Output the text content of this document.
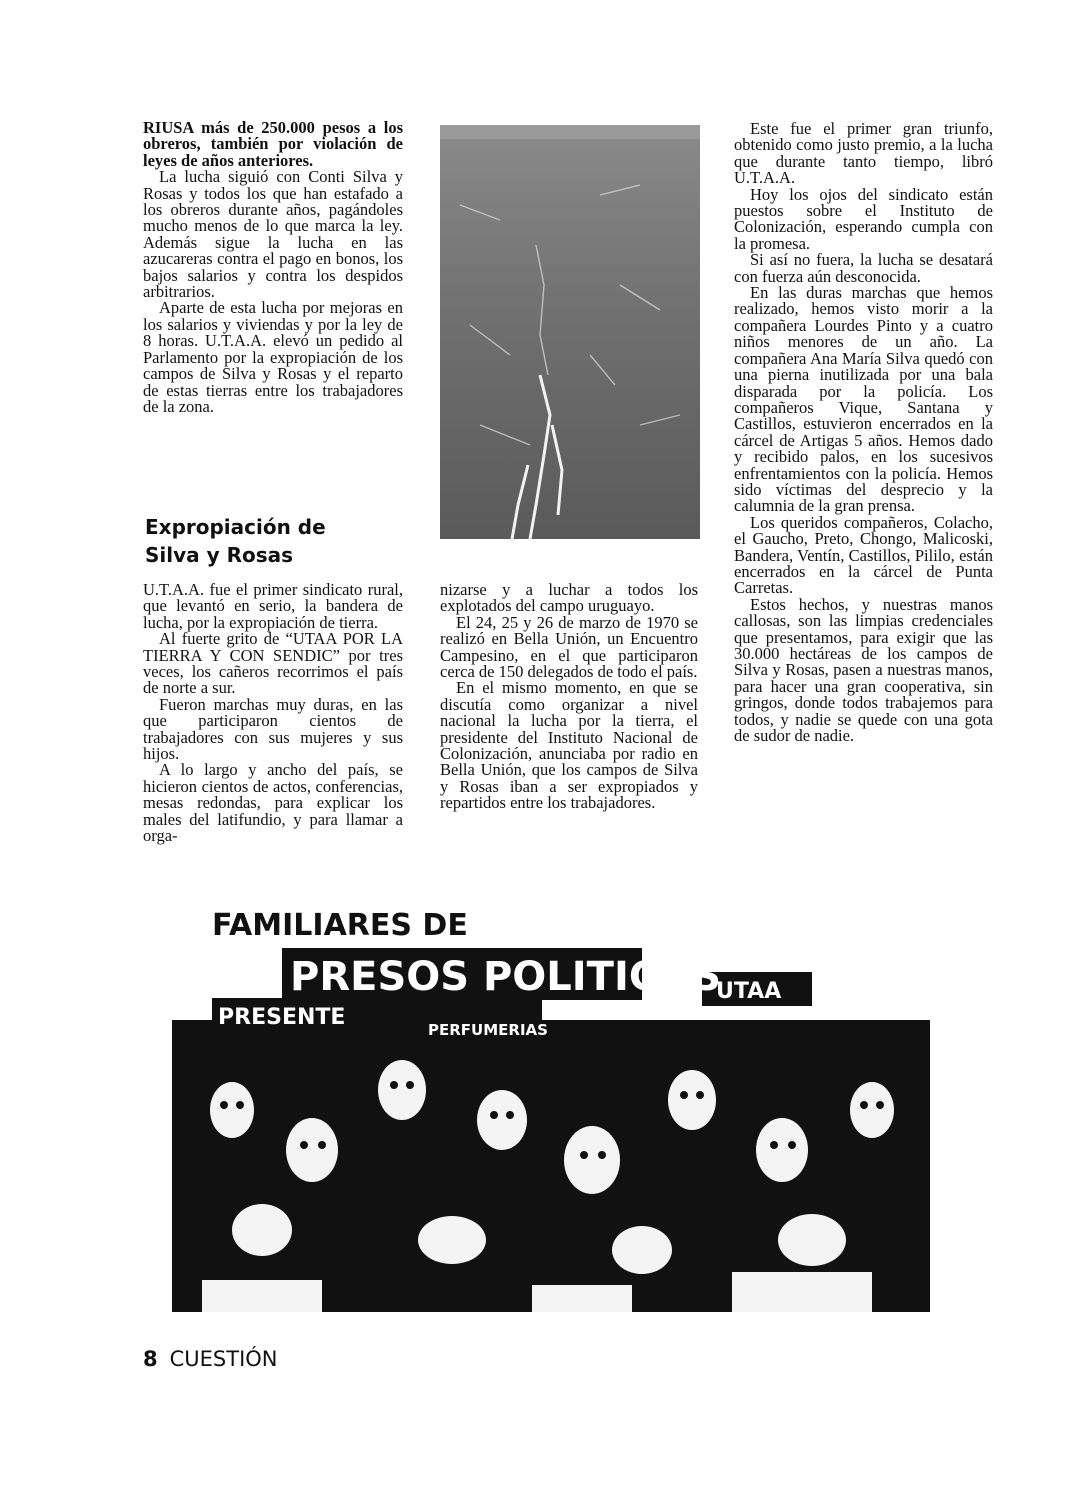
RIUSA más de 250.000 pesos a los obreros, también por violación de leyes de años anteriores.

La lucha siguió con Conti Silva y Rosas y todos los que han estafado a los obreros durante años, pagándoles mucho menos de lo que marca la ley. Además sigue la lucha en las azucareras contra el pago en bonos, los bajos salarios y contra los despidos arbitrarios.

Aparte de esta lucha por mejoras en los salarios y viviendas y por la ley de 8 horas. U.T.A.A. elevó un pedido al Parlamento por la expropiación de los campos de Silva y Rosas y el reparto de estas tierras entre los trabajadores de la zona.

Expropiación de Silva y Rosas

U.T.A.A. fue el primer sindicato rural, que levantó en serio, la bandera de lucha, por la expropiación de tierra.

Al fuerte grito de “UTAA POR LA TIERRA Y CON SENDIC” por tres veces, los cañeros recorrimos el país de norte a sur.

Fueron marchas muy duras, en las que participaron cientos de trabajadores con sus mujeres y sus hijos.

A lo largo y ancho del país, se hicieron cientos de actos, conferencias, mesas redondas, para explicar los males del latifundio, y para llamar a orga-

nizarse y a luchar a todos los explotados del campo uruguayo.

El 24, 25 y 26 de marzo de 1970 se realizó en Bella Unión, un Encuentro Campesino, en el que participaron cerca de 150 delegados de todo el país.

En el mismo momento, en que se discutía como organizar a nivel nacional la lucha por la tierra, el presidente del Instituto Nacional de Colonización, anunciaba por radio en Bella Unión, que los campos de Silva y Rosas iban a ser expropiados y repartidos entre los trabajadores.

Este fue el primer gran triunfo, obtenido como justo premio, a la lucha que durante tanto tiempo, libró U.T.A.A.

Hoy los ojos del sindicato están puestos sobre el Instituto de Colonización, esperando cumpla con la promesa.

Si así no fuera, la lucha se desatará con fuerza aún desconocida.

En las duras marchas que hemos realizado, hemos visto morir a la compañera Lourdes Pinto y a cuatro niños menores de un año. La compañera Ana María Silva quedó con una pierna inutilizada por una bala disparada por la policía. Los compañeros Vique, Santana y Castillos, estuvieron encerrados en la cárcel de Artigas 5 años. Hemos dado y recibido palos, en los sucesivos enfrentamientos con la policía. Hemos sido víctimas del desprecio y la calumnia de la gran prensa.

Los queridos compañeros, Colacho, el Gaucho, Preto, Chongo, Malicoski, Bandera, Ventín, Castillos, Pililo, están encerrados en la cárcel de Punta Carretas.

Estos hechos, y nuestras manos callosas, son las limpias credenciales que presentamos, para exigir que las 30.000 hectáreas de los campos de Silva y Rosas, pasen a nuestras manos, para hacer una gran cooperativa, sin gringos, donde todos trabajemos para todos, y nadie se quede con una gota de sudor de nadie.

FAMILIARES DE
PRESOS POLITICOS
PRESENTE	PERFUMERIAS
UTAA
8 CUESTIÓN
